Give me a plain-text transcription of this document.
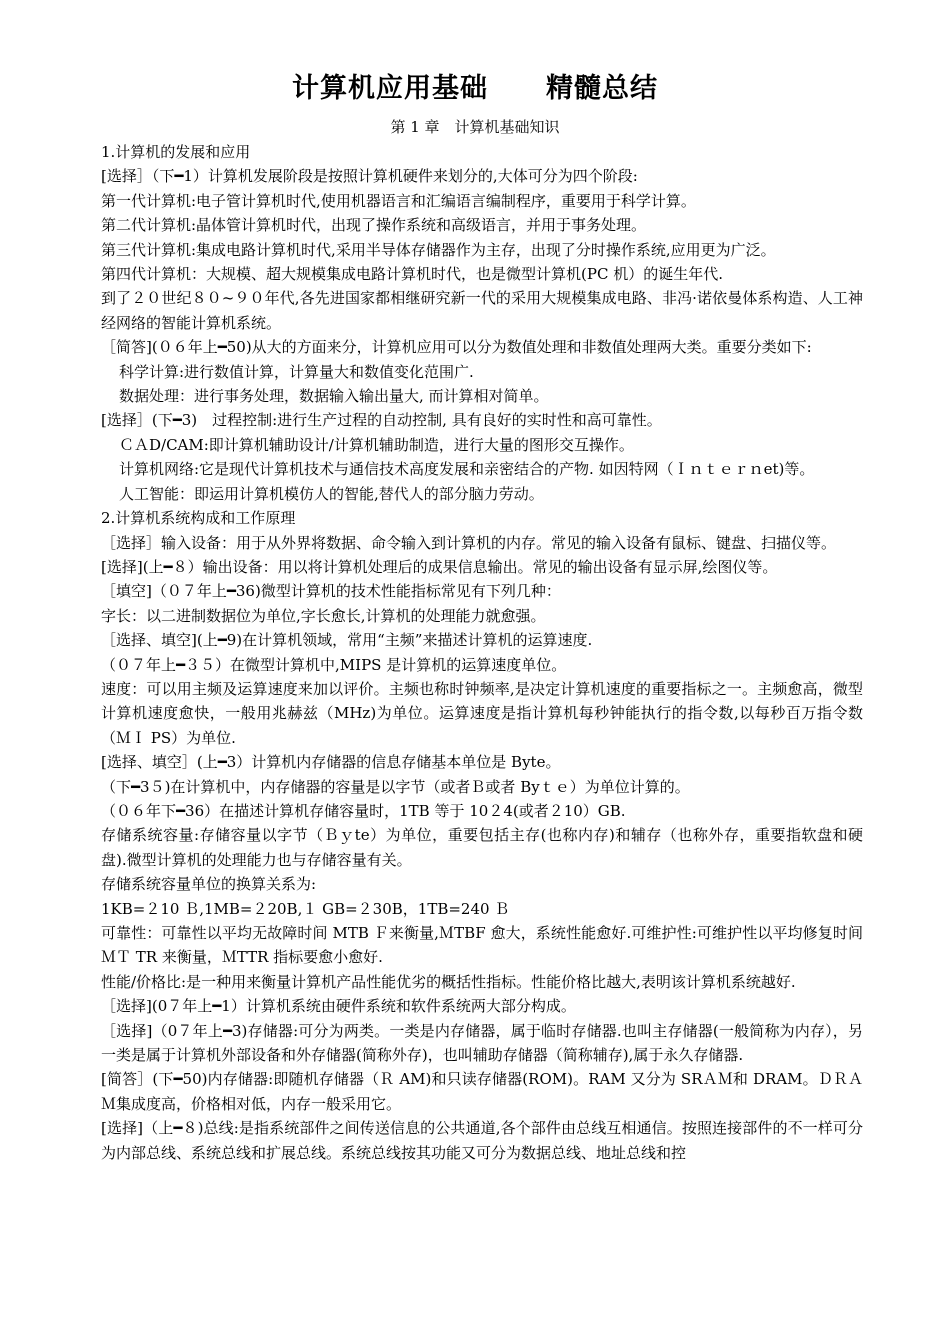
计算机应用基础 精髓总结
第 1 章　计算机基础知识

1.计算机的发展和应用

[选择］（下━1）计算机发展阶段是按照计算机硬件来划分的,大体可分为四个阶段:

第一代计算机:电子管计算机时代,使用机器语言和汇编语言编制程序，重要用于科学计算。

第二代计算机:晶体管计算机时代，出现了操作系统和高级语言，并用于事务处理。

第三代计算机:集成电路计算机时代,采用半导体存储器作为主存，出现了分时操作系统,应用更为广泛。

第四代计算机：大规模、超大规模集成电路计算机时代，也是微型计算机(PC 机）的诞生年代.

到了２０世纪８０~９０年代,各先进国家都相继研究新一代的采用大规模集成电路、非冯·诺依曼体系构造、人工神经网络的智能计算机系统。

［简答](０６年上━50)从大的方面来分，计算机应用可以分为数值处理和非数值处理两大类。重要分类如下:

科学计算:进行数值计算，计算量大和数值变化范围广.

数据处理：进行事务处理，数据输入输出量大, 而计算相对简单。

[选择］(下━3)　过程控制:进行生产过程的自动控制, 具有良好的实时性和高可靠性。

ＣＡD/CAM:即计算机辅助设计/计算机辅助制造，进行大量的图形交互操作。

计算机网络:它是现代计算机技术与通信技术高度发展和亲密结合的产物. 如因特网（Ｉｎｔｅｒｎet)等。

人工智能：即运用计算机模仿人的智能,替代人的部分脑力劳动。

2.计算机系统构成和工作原理

［选择］输入设备：用于从外界将数据、命令输入到计算机的内存。常见的输入设备有鼠标、键盘、扫描仪等。

[选择](上━８）输出设备：用以将计算机处理后的成果信息输出。常见的输出设备有显示屏,绘图仪等。

［填空]（０７年上━36)微型计算机的技术性能指标常见有下列几种：

字长：以二进制数据位为单位,字长愈长,计算机的处理能力就愈强。

［选择、填空](上━9)在计算机领域，常用“主频”来描述计算机的运算速度.

（０７年上━３５）在微型计算机中,MIPS 是计算机的运算速度单位。

速度：可以用主频及运算速度来加以评价。主频也称时钟频率,是决定计算机速度的重要指标之一。主频愈高，微型计算机速度愈快，一般用兆赫兹（MHz)为单位。运算速度是指计算机每秒钟能执行的指令数,以每秒百万指令数（ＭＩ PS）为单位.

[选择、填空］(上━3）计算机内存储器的信息存储基本单位是 Byte。

（下━3５)在计算机中，内存储器的容量是以字节（或者Ｂ或者 Byｔｅ）为单位计算的。

（０６年下━36）在描述计算机存储容量时，1TB 等于 10２4(或者２10）GB.

存储系统容量:存储容量以字节（Ｂｙte）为单位，重要包括主存(也称内存)和辅存（也称外存，重要指软盘和硬盘).微型计算机的处理能力也与存储容量有关。

存储系统容量单位的换算关系为:

1KB=２10 Ｂ,1MB=２20B,１ GB=２30B，1TB=240 Ｂ

可靠性：可靠性以平均无故障时间 MTB Ｆ来衡量,ＭTBF 愈大，系统性能愈好.可维护性:可维护性以平均修复时间ＭＴ TR 来衡量，ＭTTR 指标要愈小愈好.

性能/价格比:是一种用来衡量计算机产品性能优劣的概括性指标。性能价格比越大,表明该计算机系统越好.

［选择](0７年上━1）计算机系统由硬件系统和软件系统两大部分构成。

［选择]（0７年上━3)存储器:可分为两类。一类是内存储器，属于临时存储器.也叫主存储器(一般简称为内存），另一类是属于计算机外部设备和外存储器(简称外存)，也叫辅助存储器（简称辅存),属于永久存储器.

[简答］(下━50)内存储器:即随机存储器（Ｒ AM)和只读存储器(ROM)。RAM 又分为 SRＡＭ和 DRAM。ＤＲＡＭ集成度高，价格相对低，内存一般采用它。

[选择]（上━８)总线:是指系统部件之间传送信息的公共通道,各个部件由总线互相通信。按照连接部件的不一样可分为内部总线、系统总线和扩展总线。系统总线按其功能又可分为数据总线、地址总线和控
